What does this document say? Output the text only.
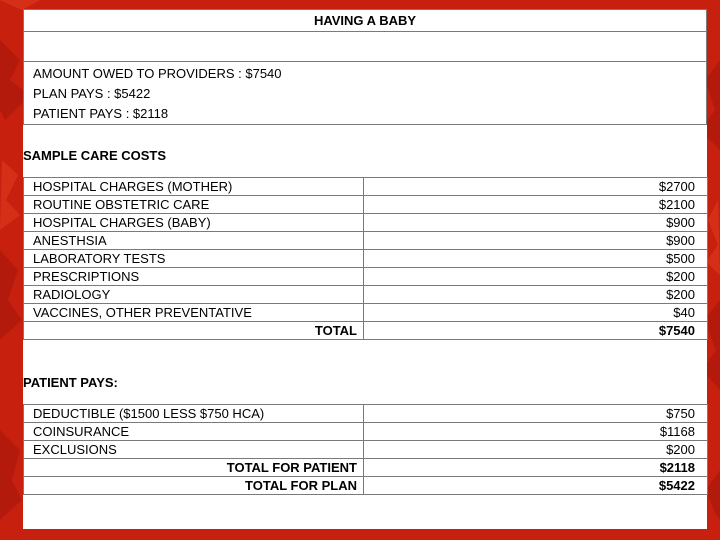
HAVING A BABY

AMOUNT OWED TO PROVIDERS : $7540
PLAN PAYS : $5422
PATIENT PAYS : $2118
SAMPLE CARE COSTS
HOSPITAL CHARGES (MOTHER)	$2700
ROUTINE OBSTETRIC CARE	$2100
HOSPITAL CHARGES (BABY)	$900
ANESTHSIA	$900
LABORATORY TESTS	$500
PRESCRIPTIONS	$200
RADIOLOGY	$200
VACCINES, OTHER PREVENTATIVE	$40
TOTAL	$7540
PATIENT PAYS:
DEDUCTIBLE ($1500 LESS $750 HCA)	$750
COINSURANCE	$1168
EXCLUSIONS	$200
TOTAL FOR PATIENT	$2118
TOTAL FOR PLAN	$5422
